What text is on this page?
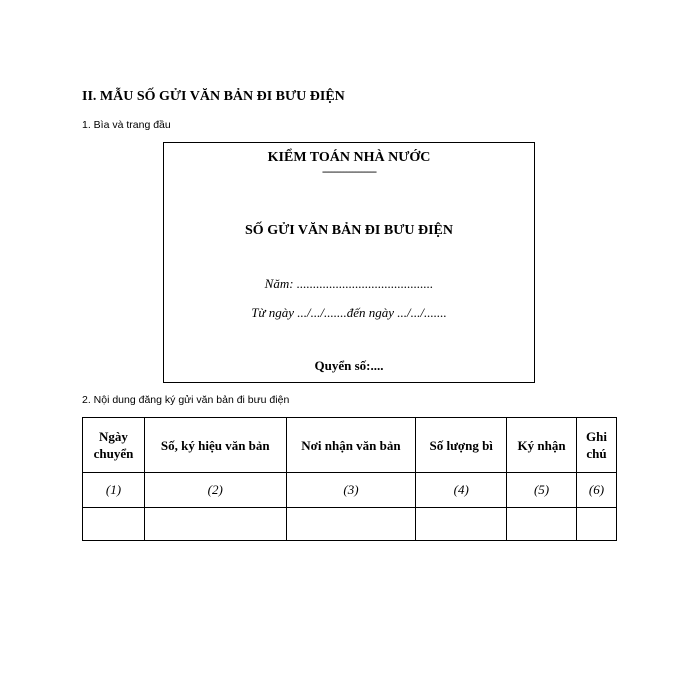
II. MẪU SỐ GỬI VĂN BẢN ĐI BƯU ĐIỆN
1. Bìa và trang đầu
KIỂM TOÁN NHÀ NƯỚC
------------------
SỐ GỬI VĂN BẢN ĐI BƯU ĐIỆN
Năm: ..........................................
Từ ngày .../.../.......đến ngày .../.../.......
Quyển số:....
2. Nội dung đăng ký gửi văn bản đi bưu điện
Ngày chuyển	Số, ký hiệu văn bản	Nơi nhận văn bản	Số lượng bì	Ký nhận	Ghi chú
(1)	(2)	(3)	(4)	(5)	(6)
